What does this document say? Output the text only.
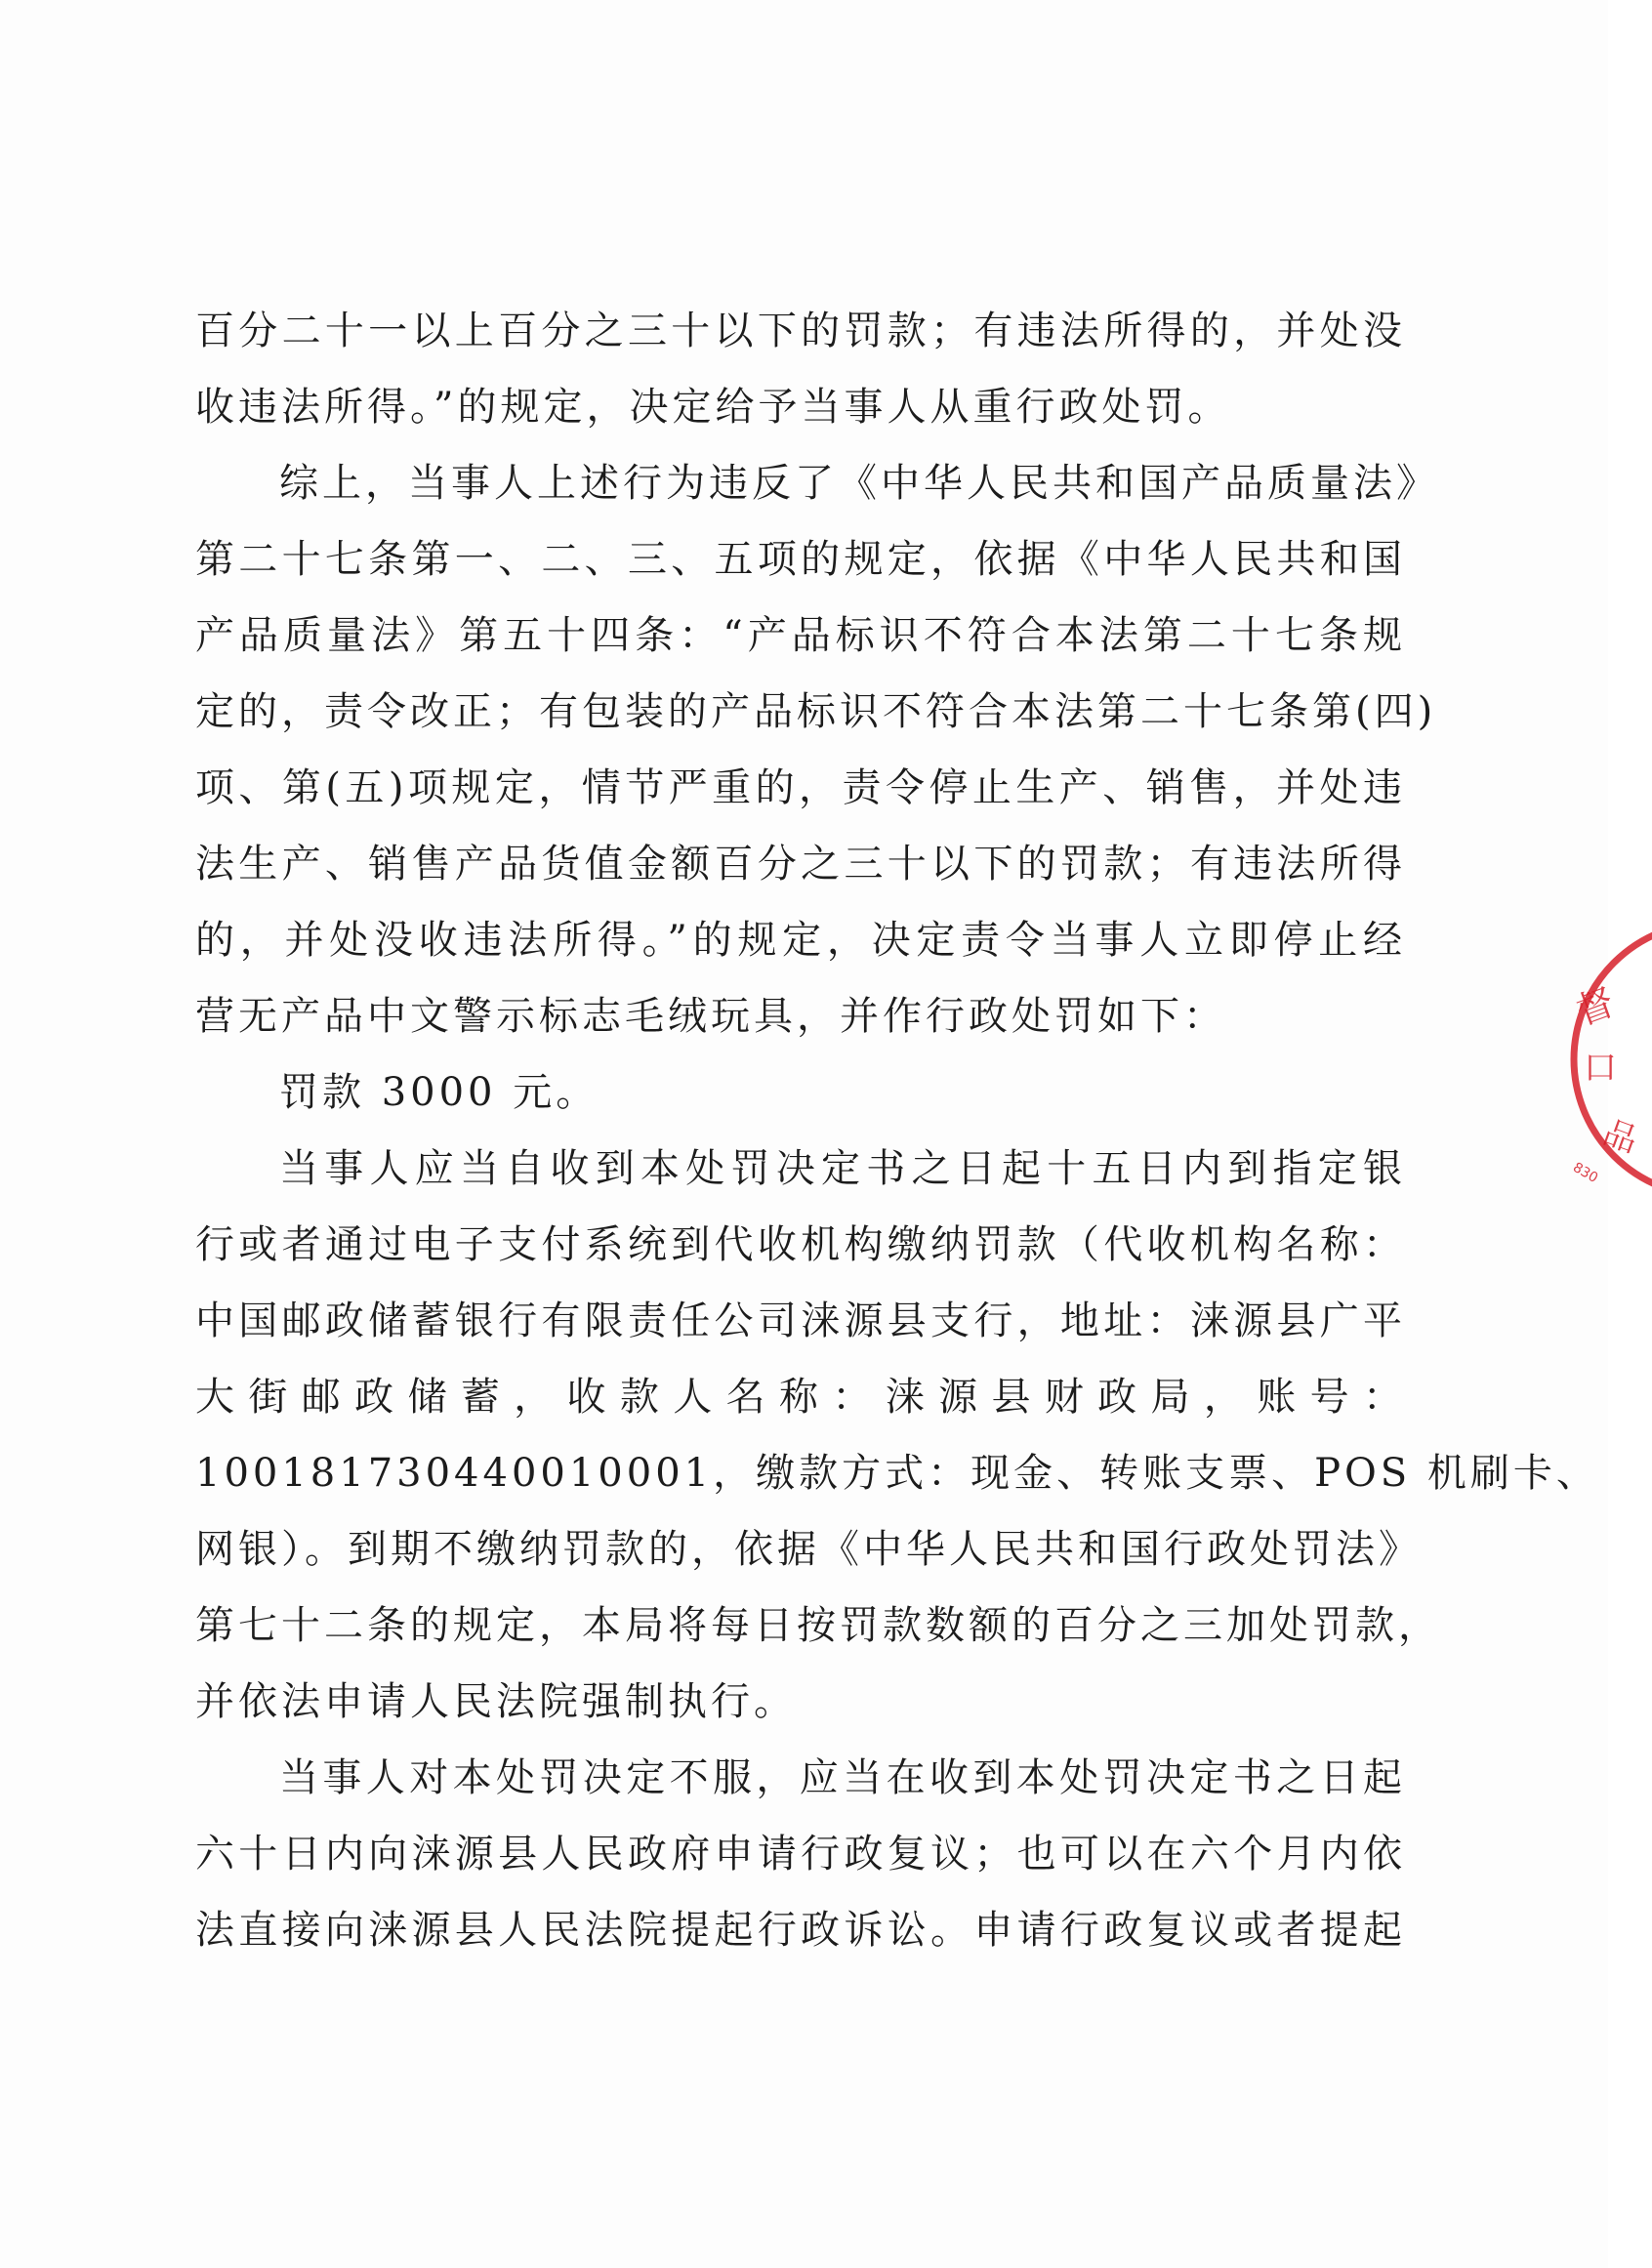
百分二十一以上百分之三十以下的罚款；有违法所得的，并处没
收违法所得。”的规定，决定给予当事人从重行政处罚。
综上，当事人上述行为违反了《中华人民共和国产品质量法》
第二十七条第一、二、三、五项的规定，依据《中华人民共和国
产品质量法》第五十四条：“产品标识不符合本法第二十七条规
定的，责令改正；有包装的产品标识不符合本法第二十七条第(四)
项、第(五)项规定，情节严重的，责令停止生产、销售，并处违
法生产、销售产品货值金额百分之三十以下的罚款；有违法所得
的，并处没收违法所得。”的规定，决定责令当事人立即停止经
营无产品中文警示标志毛绒玩具，并作行政处罚如下：
罚款 3000 元。
当事人应当自收到本处罚决定书之日起十五日内到指定银
行或者通过电子支付系统到代收机构缴纳罚款（代收机构名称：
中国邮政储蓄银行有限责任公司涞源县支行，地址：涞源县广平
大街邮政储蓄，收款人名称：涞源县财政局，账号：
100181730440010001，缴款方式：现金、转账支票、POS 机刷卡、
网银）。到期不缴纳罚款的，依据《中华人民共和国行政处罚法》
第七十二条的规定，本局将每日按罚款数额的百分之三加处罚款，
并依法申请人民法院强制执行。
当事人对本处罚决定不服，应当在收到本处罚决定书之日起
六十日内向涞源县人民政府申请行政复议；也可以在六个月内依
法直接向涞源县人民法院提起行政诉讼。申请行政复议或者提起
督
口
品
830
